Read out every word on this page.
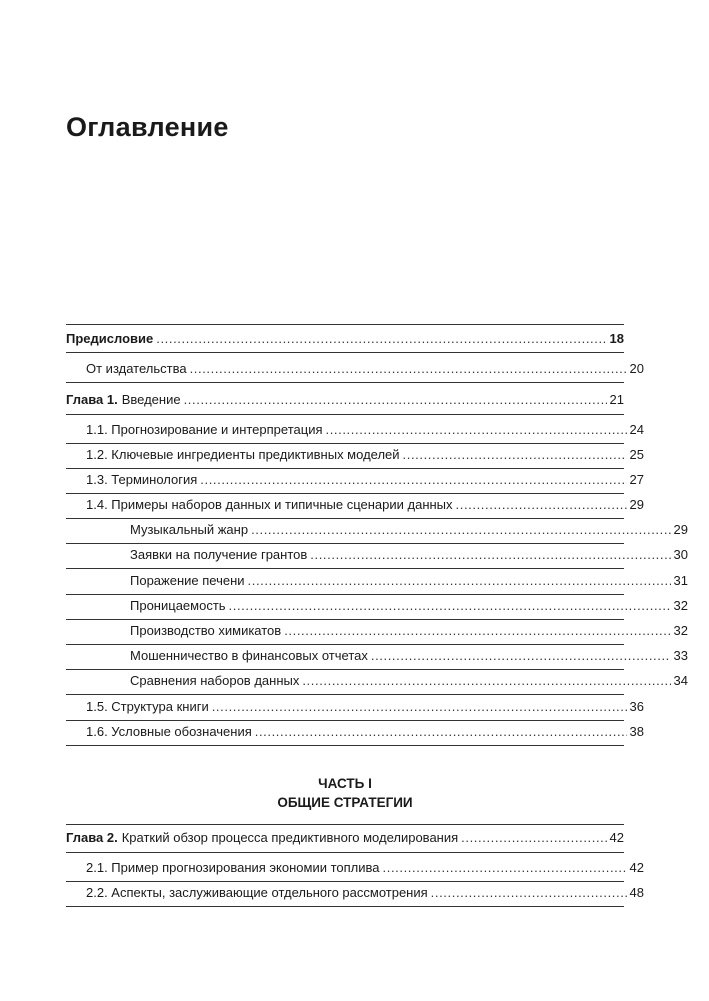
Оглавление
Предисловие .....	18
От издательства .....	20
Глава 1. Введение .....	21
1.1. Прогнозирование и интерпретация .....	24
1.2. Ключевые ингредиенты предиктивных моделей .....	25
1.3. Терминология .....	27
1.4. Примеры наборов данных и типичные сценарии данных .....	29
Музыкальный жанр .....	29
Заявки на получение грантов .....	30
Поражение печени .....	31
Проницаемость .....	32
Производство химикатов .....	32
Мошенничество в финансовых отчетах .....	33
Сравнения наборов данных .....	34
1.5. Структура книги .....	36
1.6. Условные обозначения .....	38
ЧАСТЬ I
ОБЩИЕ СТРАТЕГИИ
Глава 2. Краткий обзор процесса предиктивного моделирования .....	42
2.1. Пример прогнозирования экономии топлива .....	42
2.2. Аспекты, заслуживающие отдельного рассмотрения .....	48
